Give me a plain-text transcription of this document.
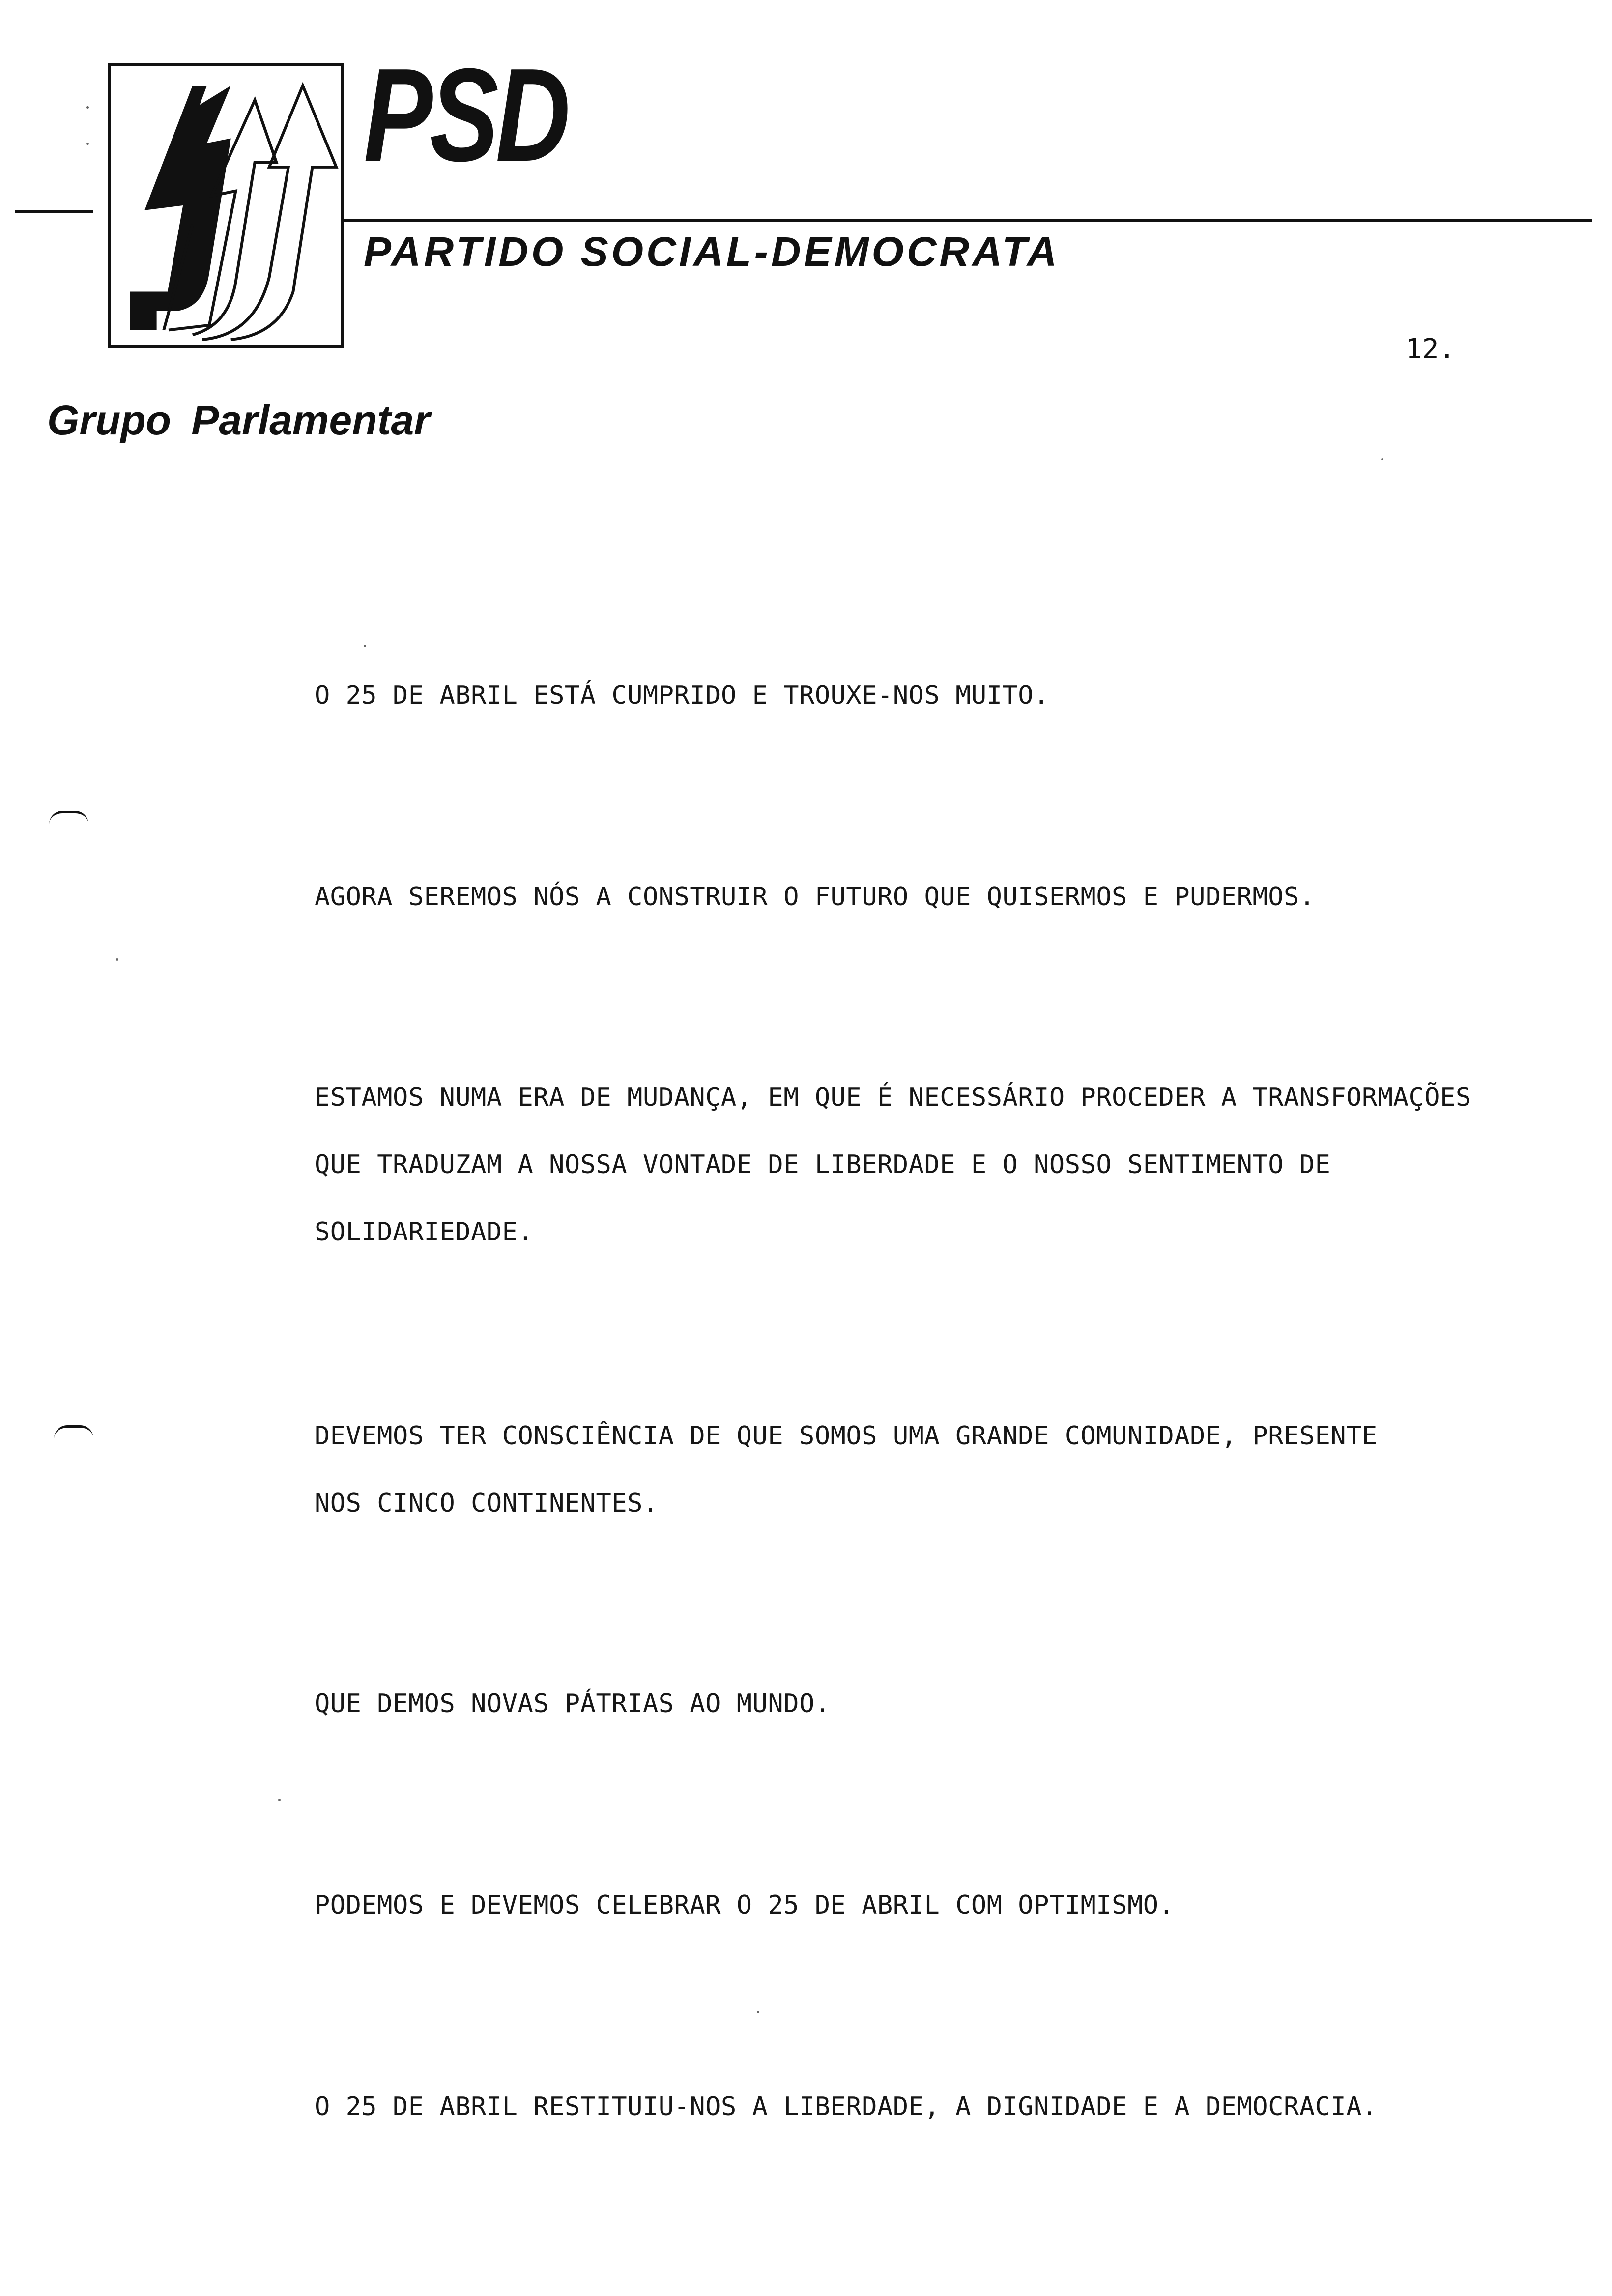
PSD
PARTIDO SOCIAL-DEMOCRATA
Grupo Parlamentar
12.
O 25 DE ABRIL ESTÁ CUMPRIDO E TROUXE-NOS MUITO.
AGORA SEREMOS NÓS A CONSTRUIR O FUTURO QUE QUISERMOS E PUDERMOS.
ESTAMOS NUMA ERA DE MUDANÇA, EM QUE É NECESSÁRIO PROCEDER A TRANSFORMAÇÕES
QUE TRADUZAM A NOSSA VONTADE DE LIBERDADE E O NOSSO SENTIMENTO DE
SOLIDARIEDADE.
DEVEMOS TER CONSCIÊNCIA DE QUE SOMOS UMA GRANDE COMUNIDADE, PRESENTE
NOS CINCO CONTINENTES.
QUE DEMOS NOVAS PÁTRIAS AO MUNDO.
PODEMOS E DEVEMOS CELEBRAR O 25 DE ABRIL COM OPTIMISMO.
O 25 DE ABRIL RESTITUIU-NOS A LIBERDADE, A DIGNIDADE E A DEMOCRACIA.
